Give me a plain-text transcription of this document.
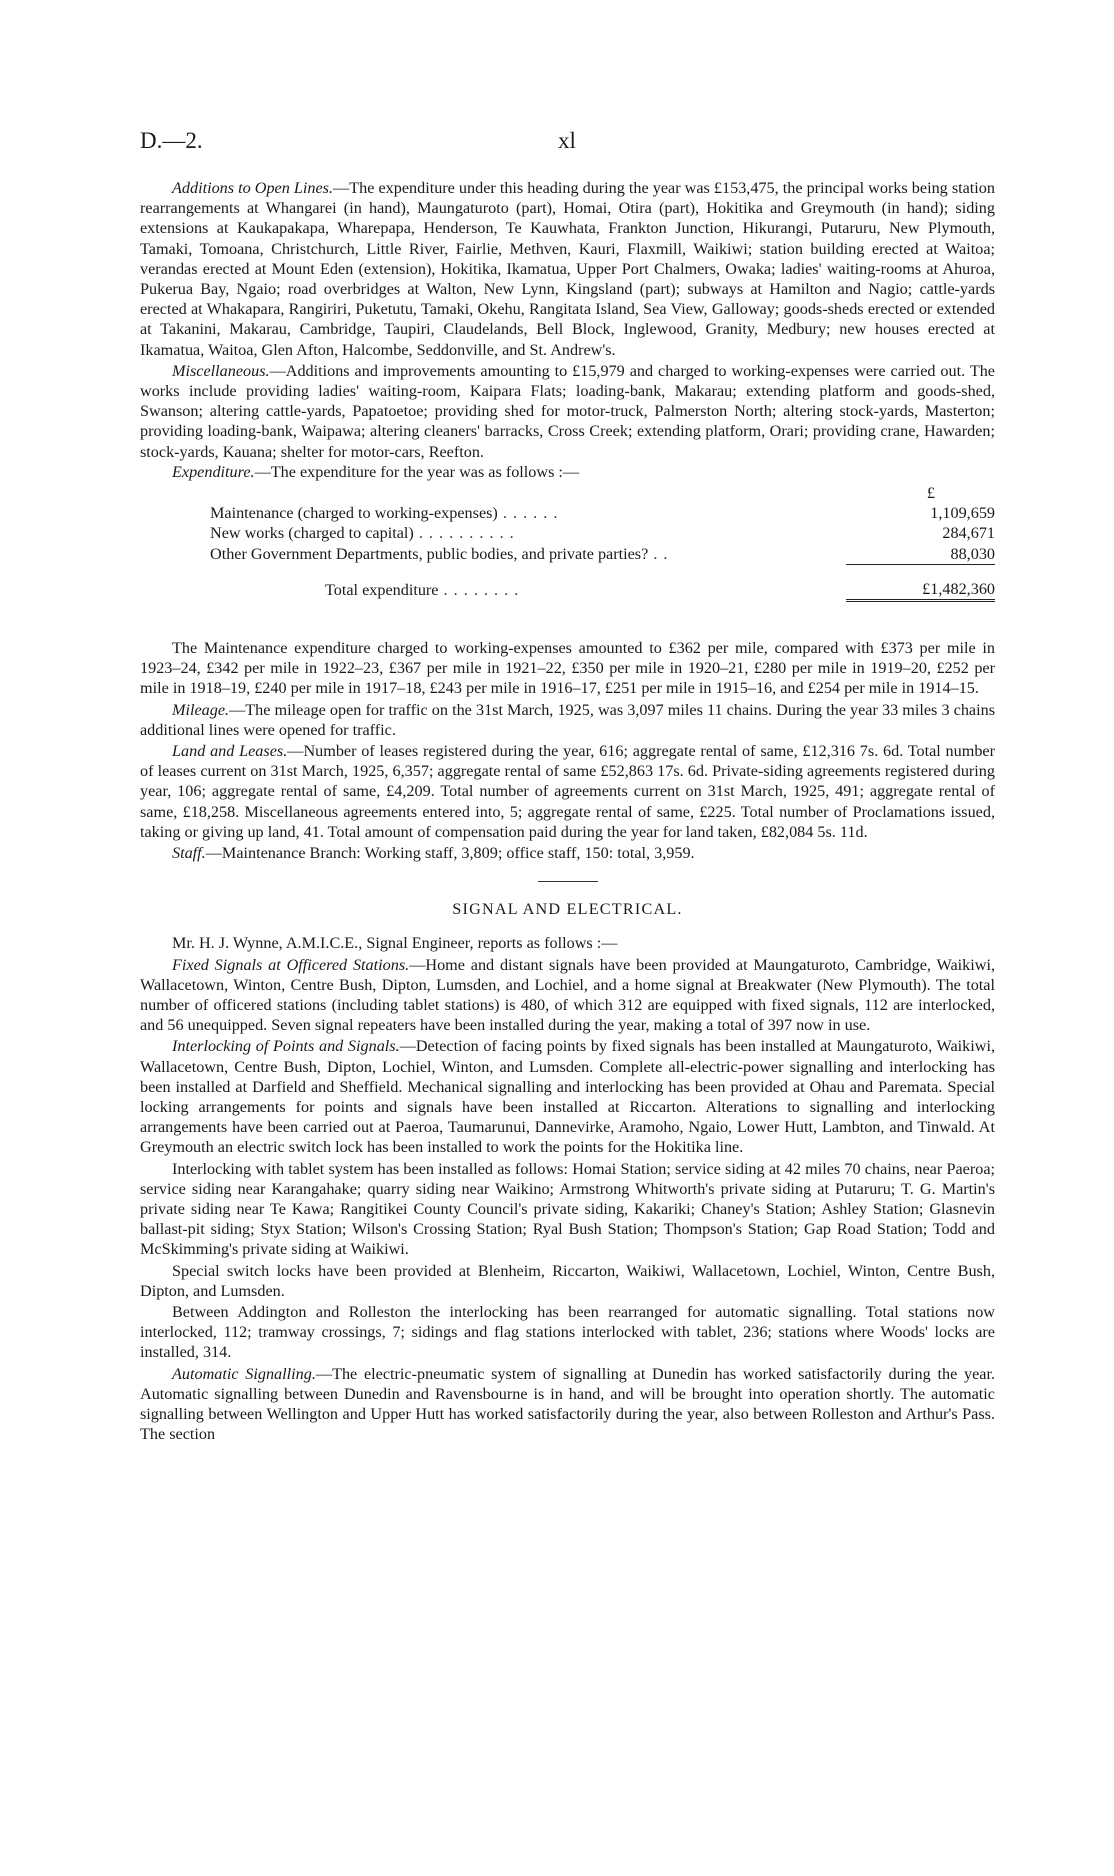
D.—2.	xl

Additions to Open Lines.—The expenditure under this heading during the year was £153,475, the principal works being station rearrangements at Whangarei (in hand), Maungaturoto (part), Homai, Otira (part), Hokitika and Greymouth (in hand); siding extensions at Kaukapakapa, Wharepapa, Henderson, Te Kauwhata, Frankton Junction, Hikurangi, Putaruru, New Plymouth, Tamaki, Tomoana, Christchurch, Little River, Fairlie, Methven, Kauri, Flaxmill, Waikiwi; station building erected at Waitoa; verandas erected at Mount Eden (extension), Hokitika, Ikamatua, Upper Port Chalmers, Owaka; ladies' waiting-rooms at Ahuroa, Pukerua Bay, Ngaio; road overbridges at Walton, New Lynn, Kingsland (part); subways at Hamilton and Nagio; cattle-yards erected at Whakapara, Rangiriri, Puketutu, Tamaki, Okehu, Rangitata Island, Sea View, Galloway; goods-sheds erected or extended at Takanini, Makarau, Cambridge, Taupiri, Claudelands, Bell Block, Inglewood, Granity, Medbury; new houses erected at Ikamatua, Waitoa, Glen Afton, Halcombe, Seddonville, and St. Andrew's.

Miscellaneous.—Additions and improvements amounting to £15,979 and charged to working-expenses were carried out. The works include providing ladies' waiting-room, Kaipara Flats; loading-bank, Makarau; extending platform and goods-shed, Swanson; altering cattle-yards, Papatoetoe; providing shed for motor-truck, Palmerston North; altering stock-yards, Masterton; providing loading-bank, Waipawa; altering cleaners' barracks, Cross Creek; extending platform, Orari; providing crane, Hawarden; stock-yards, Kauana; shelter for motor-cars, Reefton.

Expenditure.—The expenditure for the year was as follows :—
	£
Maintenance (charged to working-expenses) . . . . . .	1,109,659
New works (charged to capital) . . . . . . . . . .	284,671
Other Government Departments, public bodies, and private parties? . .	88,030

Total expenditure . . . . . . . .	£1,482,360

The Maintenance expenditure charged to working-expenses amounted to £362 per mile, compared with £373 per mile in 1923–24, £342 per mile in 1922–23, £367 per mile in 1921–22, £350 per mile in 1920–21, £280 per mile in 1919–20, £252 per mile in 1918–19, £240 per mile in 1917–18, £243 per mile in 1916–17, £251 per mile in 1915–16, and £254 per mile in 1914–15.

Mileage.—The mileage open for traffic on the 31st March, 1925, was 3,097 miles 11 chains. During the year 33 miles 3 chains additional lines were opened for traffic.

Land and Leases.—Number of leases registered during the year, 616; aggregate rental of same, £12,316 7s. 6d. Total number of leases current on 31st March, 1925, 6,357; aggregate rental of same £52,863 17s. 6d. Private-siding agreements registered during year, 106; aggregate rental of same, £4,209. Total number of agreements current on 31st March, 1925, 491; aggregate rental of same, £18,258. Miscellaneous agreements entered into, 5; aggregate rental of same, £225. Total number of Proclamations issued, taking or giving up land, 41. Total amount of compensation paid during the year for land taken, £82,084 5s. 11d.

Staff.—Maintenance Branch: Working staff, 3,809; office staff, 150: total, 3,959.

SIGNAL AND ELECTRICAL.

Mr. H. J. Wynne, A.M.I.C.E., Signal Engineer, reports as follows :—

Fixed Signals at Officered Stations.—Home and distant signals have been provided at Maungaturoto, Cambridge, Waikiwi, Wallacetown, Winton, Centre Bush, Dipton, Lumsden, and Lochiel, and a home signal at Breakwater (New Plymouth). The total number of officered stations (including tablet stations) is 480, of which 312 are equipped with fixed signals, 112 are interlocked, and 56 unequipped. Seven signal repeaters have been installed during the year, making a total of 397 now in use.

Interlocking of Points and Signals.—Detection of facing points by fixed signals has been installed at Maungaturoto, Waikiwi, Wallacetown, Centre Bush, Dipton, Lochiel, Winton, and Lumsden. Complete all-electric-power signalling and interlocking has been installed at Darfield and Sheffield. Mechanical signalling and interlocking has been provided at Ohau and Paremata. Special locking arrangements for points and signals have been installed at Riccarton. Alterations to signalling and interlocking arrangements have been carried out at Paeroa, Taumarunui, Dannevirke, Aramoho, Ngaio, Lower Hutt, Lambton, and Tinwald. At Greymouth an electric switch lock has been installed to work the points for the Hokitika line.

Interlocking with tablet system has been installed as follows: Homai Station; service siding at 42 miles 70 chains, near Paeroa; service siding near Karangahake; quarry siding near Waikino; Armstrong Whitworth's private siding at Putaruru; T. G. Martin's private siding near Te Kawa; Rangitikei County Council's private siding, Kakariki; Chaney's Station; Ashley Station; Glasnevin ballast-pit siding; Styx Station; Wilson's Crossing Station; Ryal Bush Station; Thompson's Station; Gap Road Station; Todd and McSkimming's private siding at Waikiwi.

Special switch locks have been provided at Blenheim, Riccarton, Waikiwi, Wallacetown, Lochiel, Winton, Centre Bush, Dipton, and Lumsden.

Between Addington and Rolleston the interlocking has been rearranged for automatic signalling. Total stations now interlocked, 112; tramway crossings, 7; sidings and flag stations interlocked with tablet, 236; stations where Woods' locks are installed, 314.

Automatic Signalling.—The electric-pneumatic system of signalling at Dunedin has worked satisfactorily during the year. Automatic signalling between Dunedin and Ravensbourne is in hand, and will be brought into operation shortly. The automatic signalling between Wellington and Upper Hutt has worked satisfactorily during the year, also between Rolleston and Arthur's Pass. The section
